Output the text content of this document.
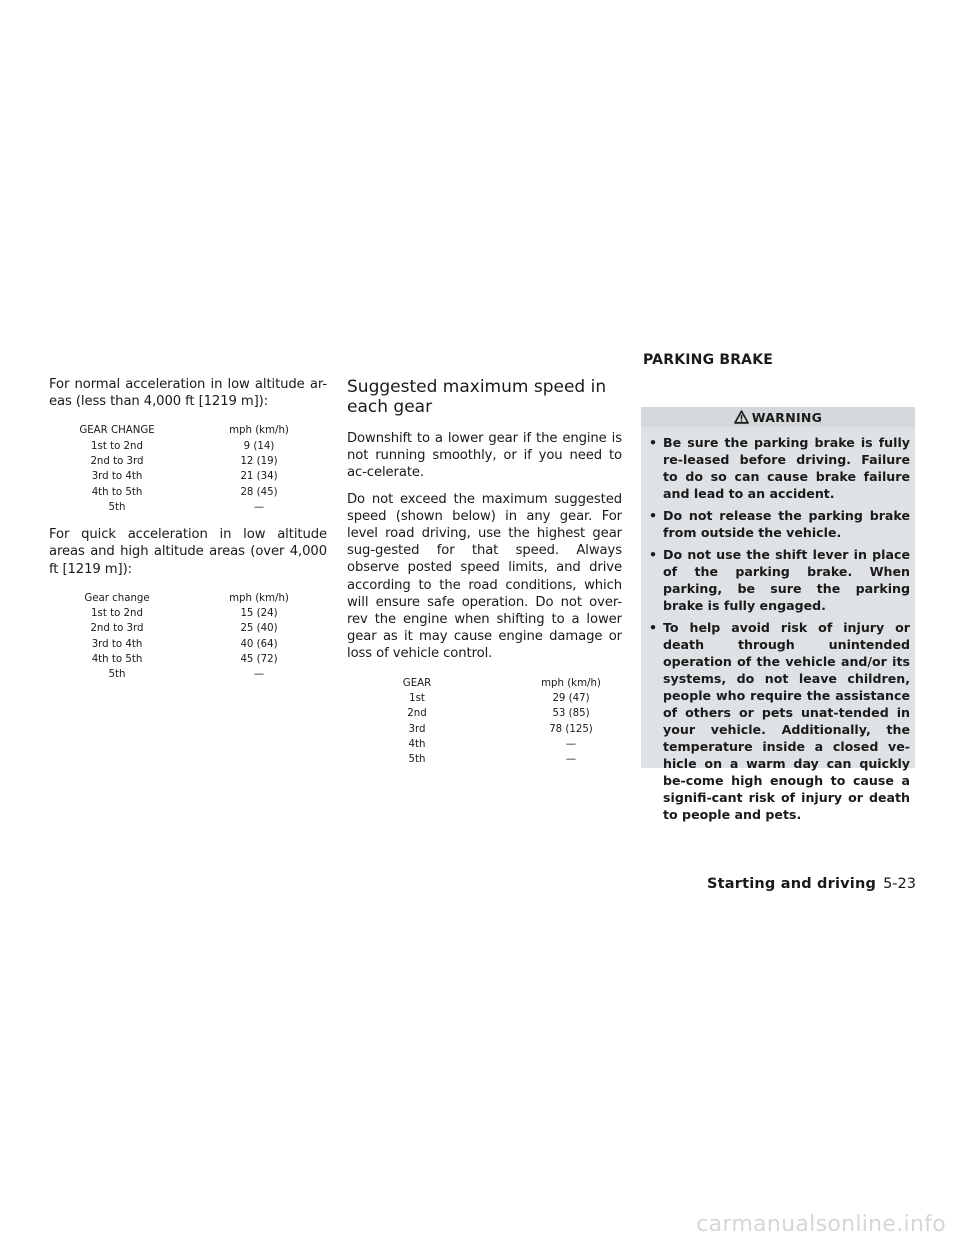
For normal acceleration in low altitude ar-eas (less than 4,000 ft [1219 m]):

GEAR CHANGE	mph (km/h)
1st to 2nd	9 (14)
2nd to 3rd	12 (19)
3rd to 4th	21 (34)
4th to 5th	28 (45)
5th	—

For quick acceleration in low altitude areas and high altitude areas (over 4,000 ft [1219 m]):

Gear change	mph (km/h)
1st to 2nd	15 (24)
2nd to 3rd	25 (40)
3rd to 4th	40 (64)
4th to 5th	45 (72)
5th	—
Suggested maximum speed in each gear

Downshift to a lower gear if the engine is not running smoothly, or if you need to ac-celerate.

Do not exceed the maximum suggested speed (shown below) in any gear. For level road driving, use the highest gear sug-gested for that speed. Always observe posted speed limits, and drive according to the road conditions, which will ensure safe operation. Do not over-rev the engine when shifting to a lower gear as it may cause engine damage or loss of vehicle control.

GEAR	mph (km/h)
1st	29 (47)
2nd	53 (85)
3rd	78 (125)
4th	—
5th	—
PARKING BRAKE
WARNING
• Be sure the parking brake is fully re-leased before driving. Failure to do so can cause brake failure and lead to an accident.
• Do not release the parking brake from outside the vehicle.
• Do not use the shift lever in place of the parking brake. When parking, be sure the parking brake is fully engaged.
• To help avoid risk of injury or death through unintended operation of the vehicle and/or its systems, do not leave children, people who require the assistance of others or pets unat-tended in your vehicle. Additionally, the temperature inside a closed ve-hicle on a warm day can quickly be-come high enough to cause a signifi-cant risk of injury or death to people and pets.
Starting and driving 5-23
carmanualsonline.info
